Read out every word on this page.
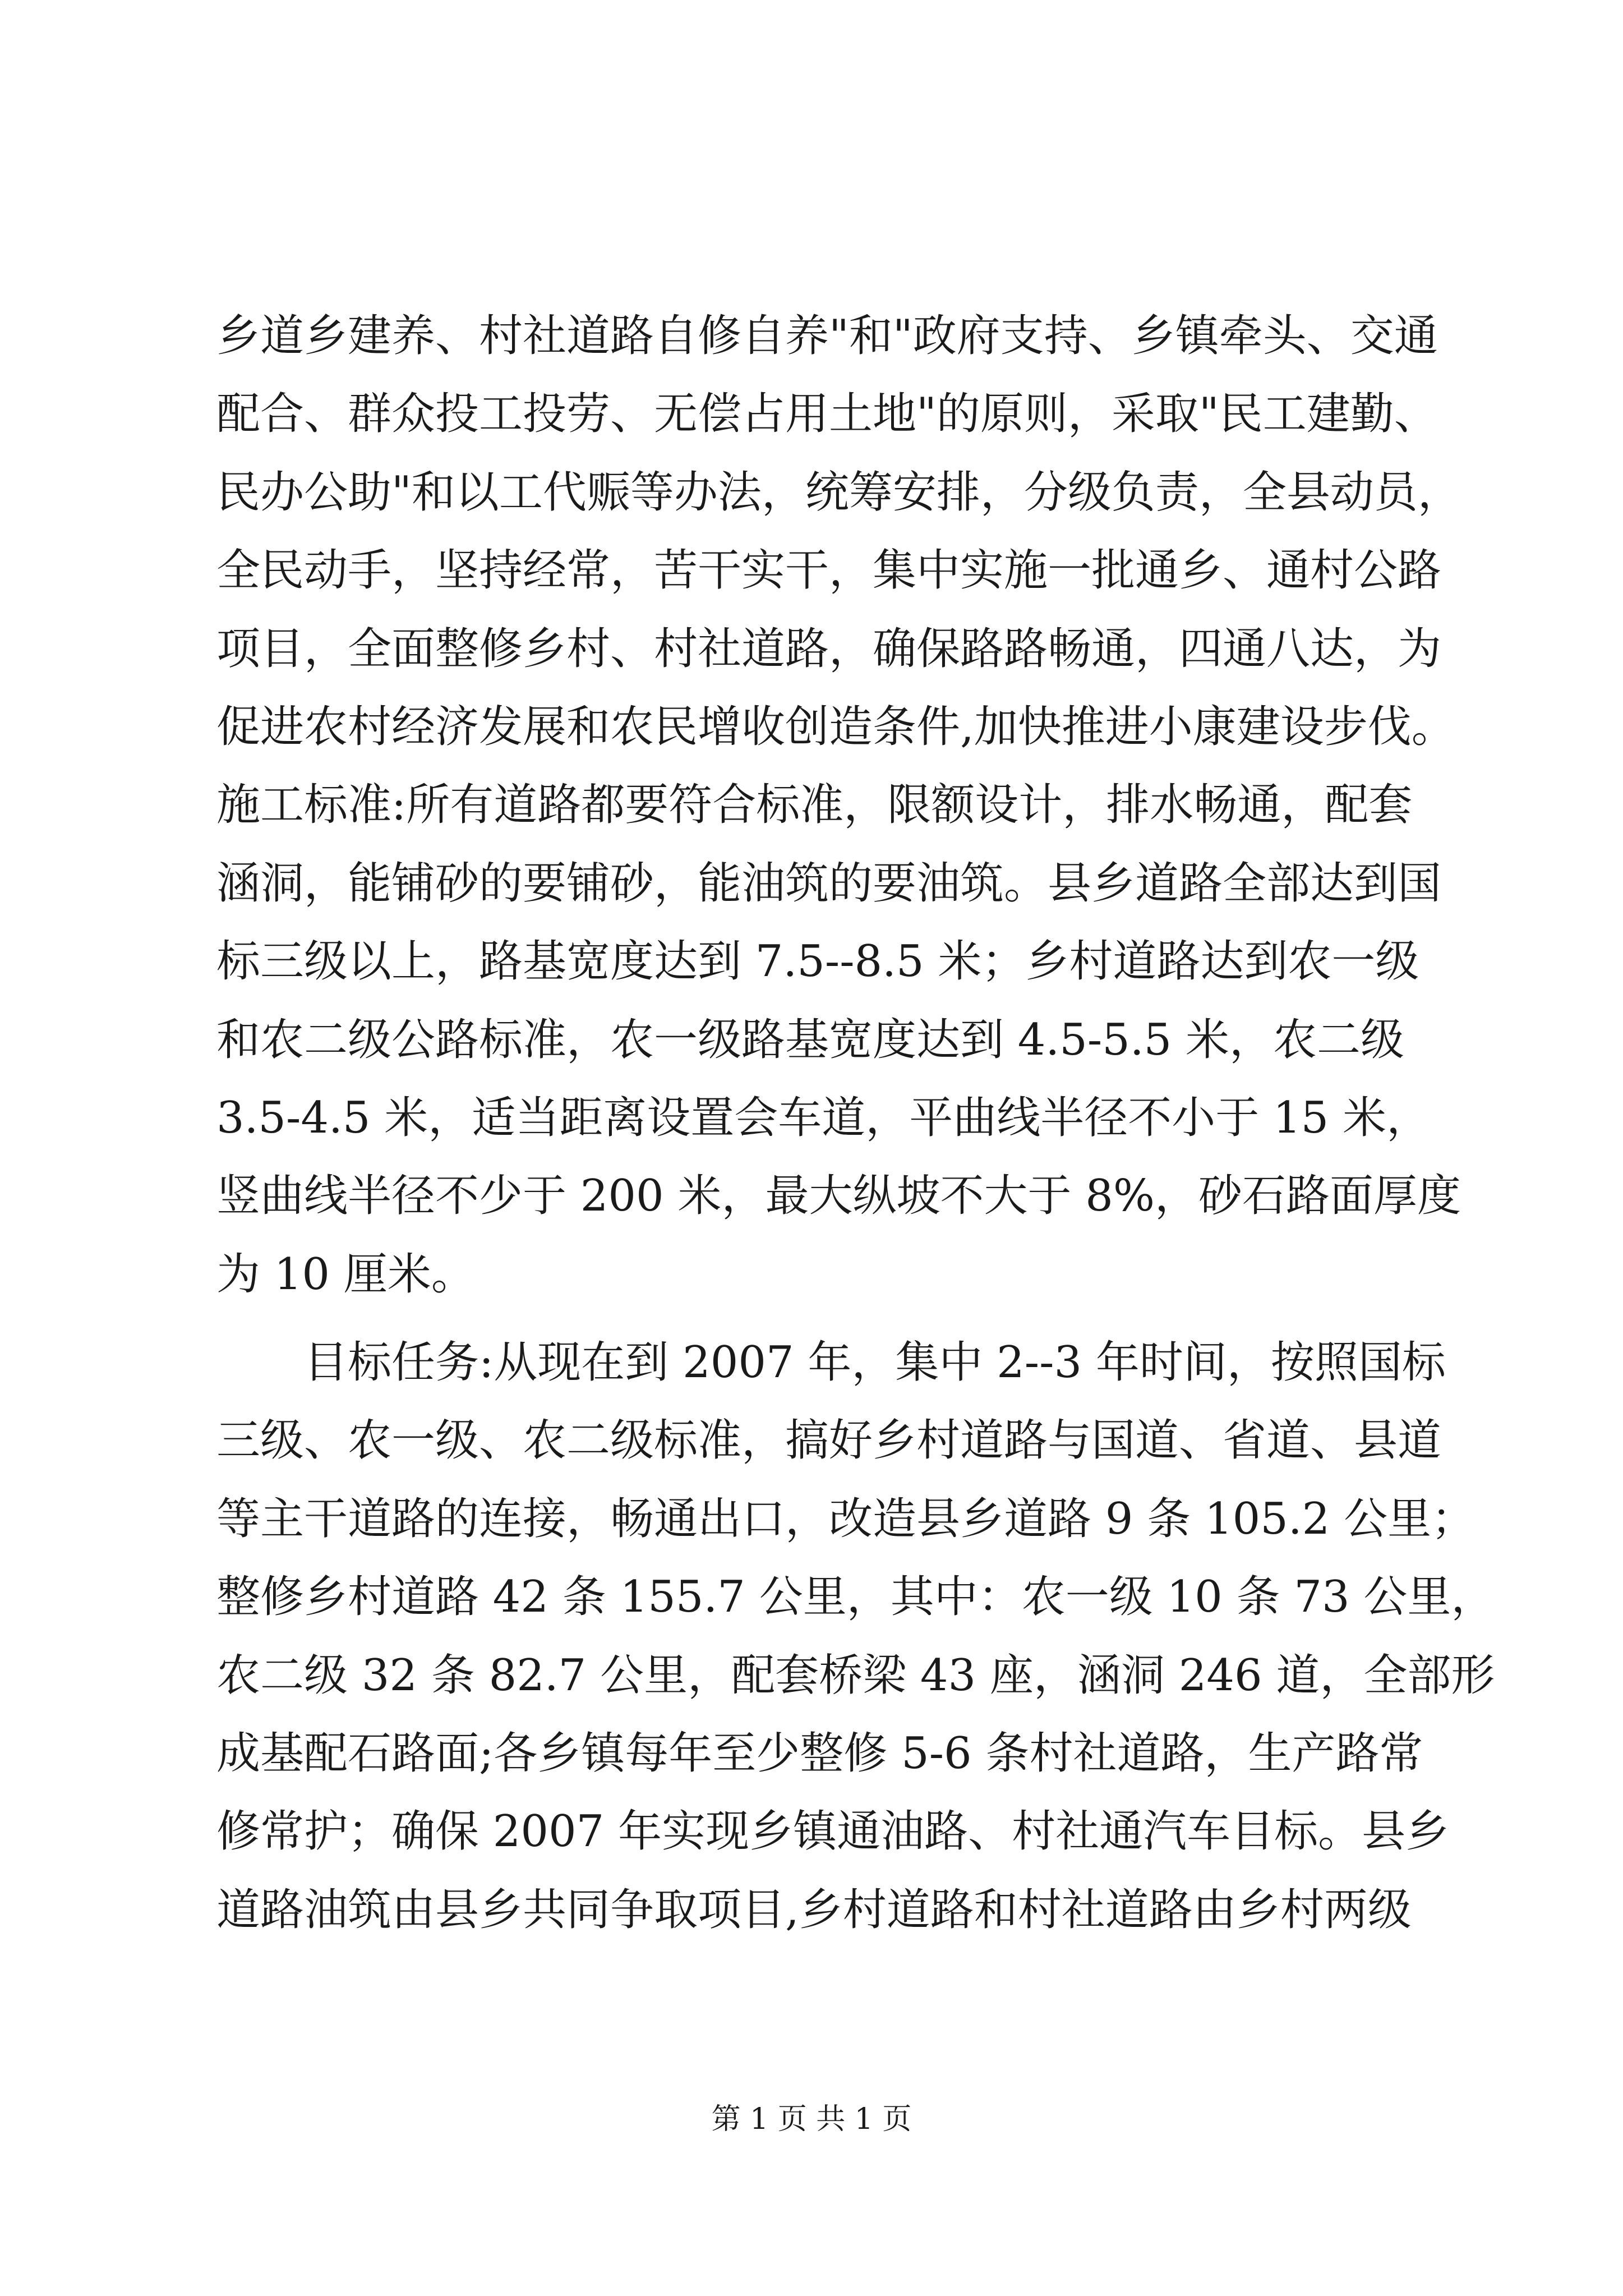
乡道乡建养、村社道路自修自养"和"政府支持、乡镇牵头、交通
配合、群众投工投劳、无偿占用土地"的原则，采取"民工建勤、
民办公助"和以工代赈等办法，统筹安排，分级负责，全县动员，
全民动手，坚持经常，苦干实干，集中实施一批通乡、通村公路
项目，全面整修乡村、村社道路，确保路路畅通，四通八达，为
促进农村经济发展和农民增收创造条件,加快推进小康建设步伐。
施工标准:所有道路都要符合标准，限额设计，排水畅通，配套
涵洞，能铺砂的要铺砂，能油筑的要油筑。县乡道路全部达到国
标三级以上，路基宽度达到 7.5--8.5 米；乡村道路达到农一级
和农二级公路标准，农一级路基宽度达到 4.5-5.5 米，农二级
3.5-4.5 米，适当距离设置会车道，平曲线半径不小于 15 米，
竖曲线半径不少于 200 米，最大纵坡不大于 8%，砂石路面厚度
为 10 厘米。
目标任务:从现在到 2007 年，集中 2--3 年时间，按照国标
三级、农一级、农二级标准，搞好乡村道路与国道、省道、县道
等主干道路的连接，畅通出口，改造县乡道路 9 条 105.2 公里；
整修乡村道路 42 条 155.7 公里，其中：农一级 10 条 73 公里，
农二级 32 条 82.7 公里，配套桥梁 43 座，涵洞 246 道，全部形
成基配石路面;各乡镇每年至少整修 5-6 条村社道路，生产路常
修常护；确保 2007 年实现乡镇通油路、村社通汽车目标。县乡
道路油筑由县乡共同争取项目,乡村道路和村社道路由乡村两级
第 1 页 共 1 页
